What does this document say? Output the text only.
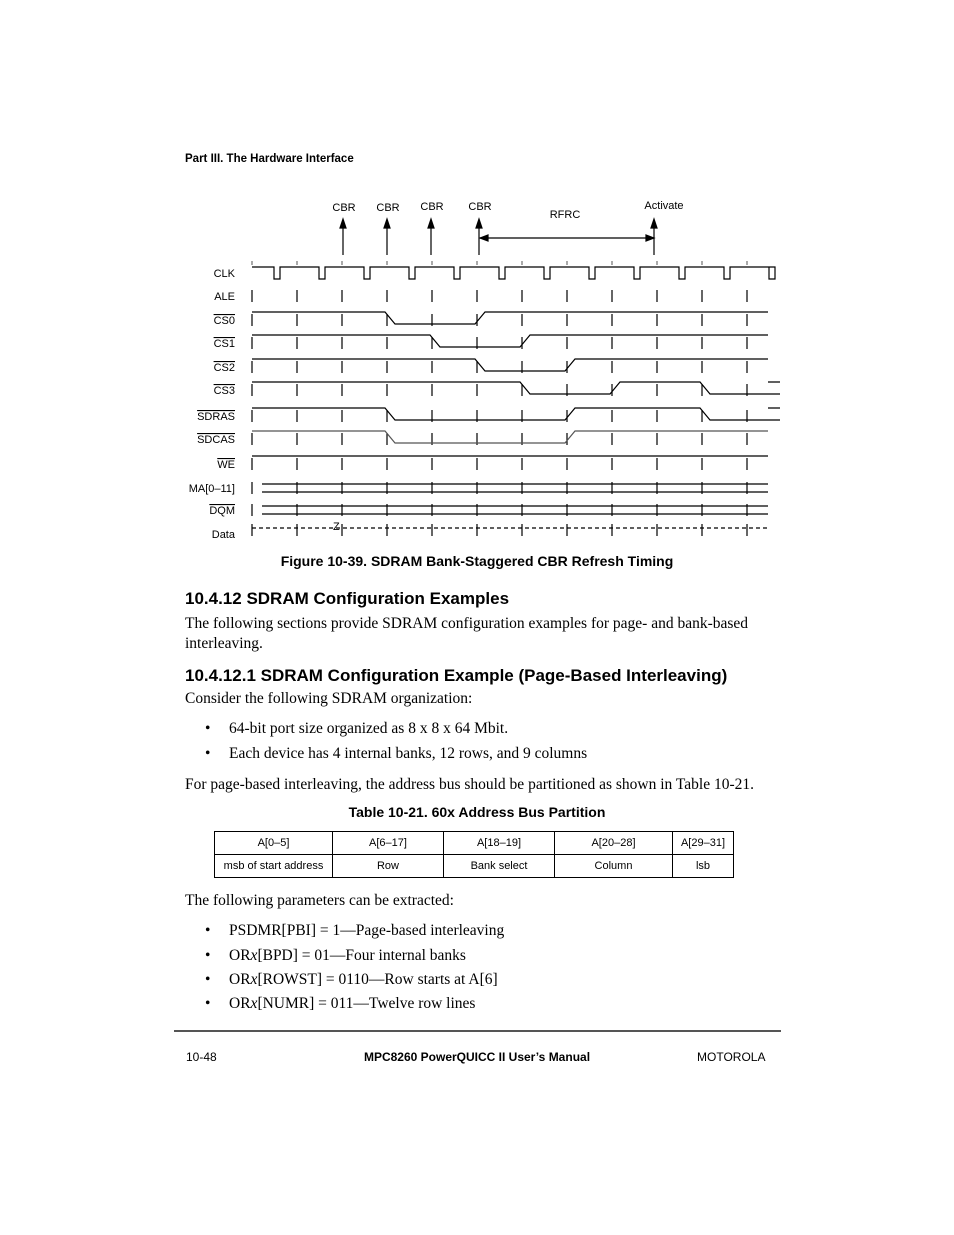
Part III. The Hardware Interface
CBR CBR CBR CBR
RFRC
Activate
CLK
ALE
CS0
CS1
CS2
CS3
SDRAS
SDCAS
WE
MA[0–11]
DQM
Data
Z
Figure 10-39. SDRAM Bank-Staggered CBR Refresh Timing
10.4.12 SDRAM Configuration Examples
The following sections provide SDRAM configuration examples for page- and bank-based interleaving.
10.4.12.1 SDRAM Configuration Example (Page-Based Interleaving)
Consider the following SDRAM organization:
• 64-bit port size organized as 8 x 8 x 64 Mbit.
• Each device has 4 internal banks, 12 rows, and 9 columns
For page-based interleaving, the address bus should be partitioned as shown in Table 10-21.
Table 10-21. 60x Address Bus Partition
A[0–5]	A[6–17]	A[18–19]	A[20–28]	A[29–31]
msb of start address	Row	Bank select	Column	lsb
The following parameters can be extracted:
• PSDMR[PBI] = 1—Page-based interleaving
• ORx[BPD] = 01—Four internal banks
• ORx[ROWST] = 0110—Row starts at A[6]
• ORx[NUMR] = 011—Twelve row lines
10-48	MPC8260 PowerQUICC II User’s Manual	MOTOROLA
